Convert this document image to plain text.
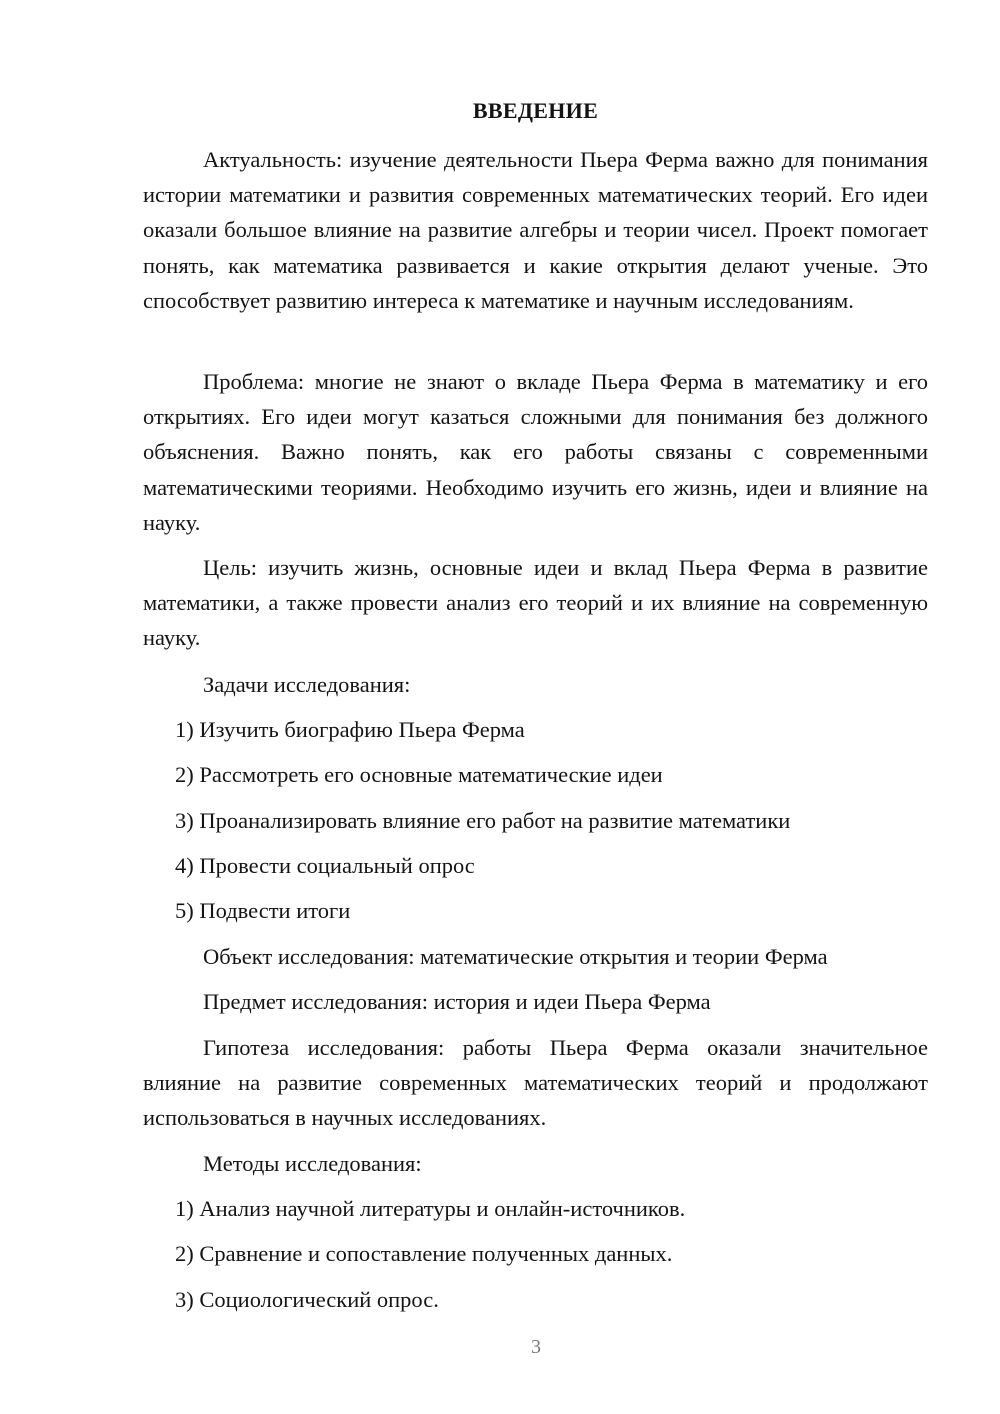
ВВЕДЕНИЕ

Актуальность: изучение деятельности Пьера Ферма важно для понимания истории математики и развития современных математических теорий. Его идеи оказали большое влияние на развитие алгебры и теории чисел. Проект помогает понять, как математика развивается и какие открытия делают ученые. Это способствует развитию интереса к математике и научным исследованиям.

Проблема: многие не знают о вкладе Пьера Ферма в математику и его открытиях. Его идеи могут казаться сложными для понимания без должного объяснения. Важно понять, как его работы связаны с современными математическими теориями. Необходимо изучить его жизнь, идеи и влияние на науку.

Цель: изучить жизнь, основные идеи и вклад Пьера Ферма в развитие математики, а также провести анализ его теорий и их влияние на современную науку.

Задачи исследования:
1) Изучить биографию Пьера Ферма
2) Рассмотреть его основные математические идеи
3) Проанализировать влияние его работ на развитие математики
4) Провести социальный опрос
5) Подвести итоги
Объект исследования: математические открытия и теории Ферма
Предмет исследования: история и идеи Пьера Ферма

Гипотеза исследования: работы Пьера Ферма оказали значительное влияние на развитие современных математических теорий и продолжают использоваться в научных исследованиях.

Методы исследования:
1) Анализ научной литературы и онлайн-источников.
2) Сравнение и сопоставление полученных данных.
3) Социологический опрос.
3
